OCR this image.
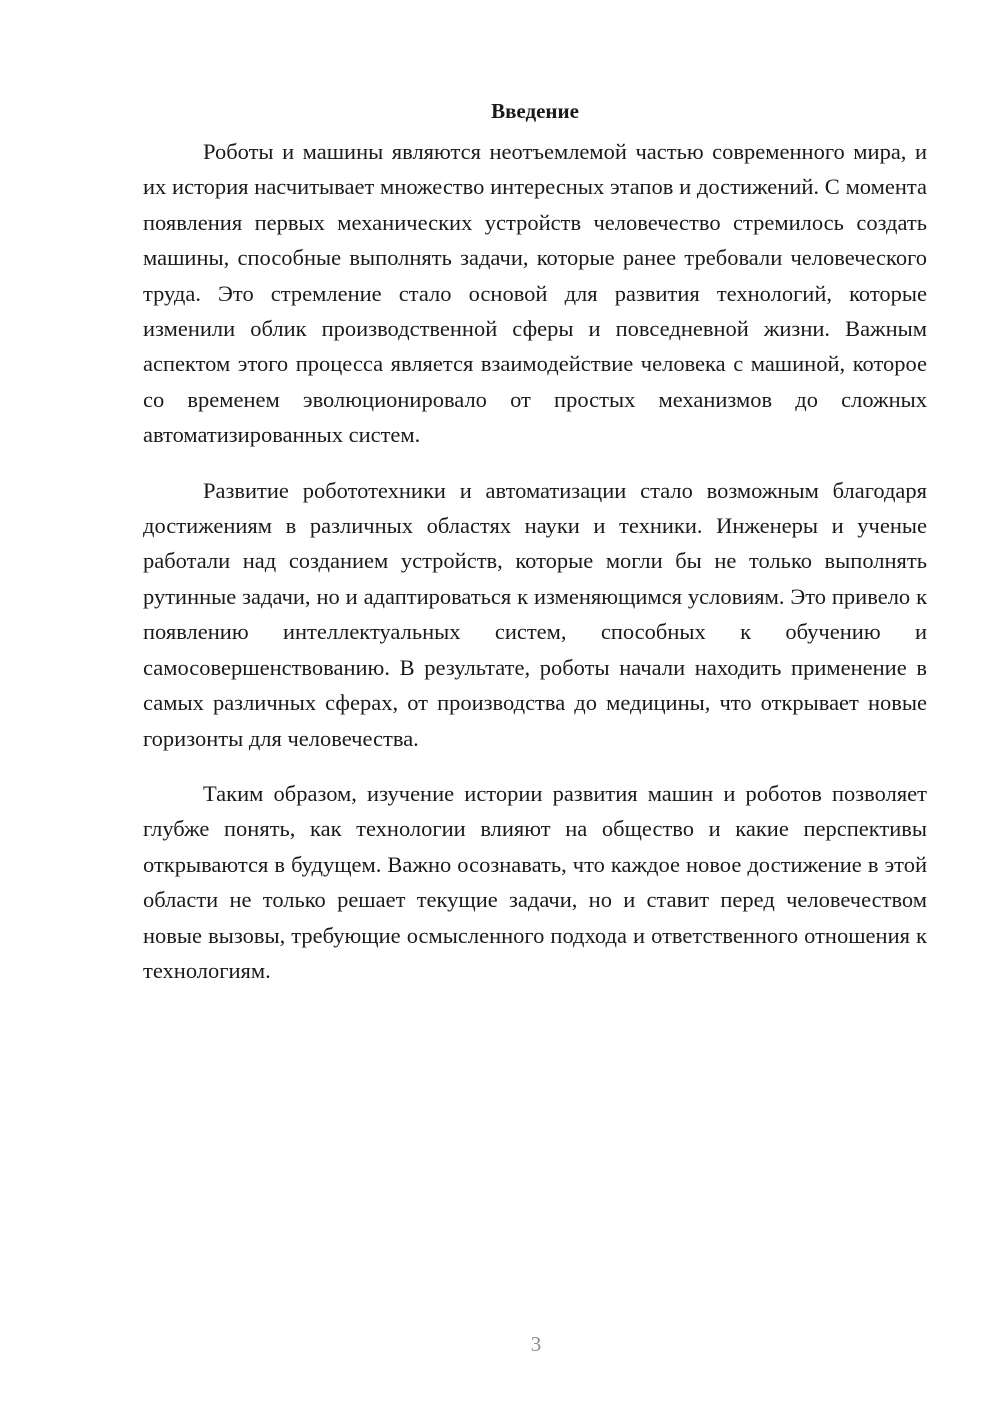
Введение

Роботы и машины являются неотъемлемой частью современного мира, и их история насчитывает множество интересных этапов и достижений. С момента появления первых механических устройств человечество стремилось создать машины, способные выполнять задачи, которые ранее требовали человеческого труда. Это стремление стало основой для развития технологий, которые изменили облик производственной сферы и повседневной жизни. Важным аспектом этого процесса является взаимодействие человека с машиной, которое со временем эволюционировало от простых механизмов до сложных автоматизированных систем.

Развитие робототехники и автоматизации стало возможным благодаря достижениям в различных областях науки и техники. Инженеры и ученые работали над созданием устройств, которые могли бы не только выполнять рутинные задачи, но и адаптироваться к изменяющимся условиям. Это привело к появлению интеллектуальных систем, способных к обучению и самосовершенствованию. В результате, роботы начали находить применение в самых различных сферах, от производства до медицины, что открывает новые горизонты для человечества.

Таким образом, изучение истории развития машин и роботов позволяет глубже понять, как технологии влияют на общество и какие перспективы открываются в будущем. Важно осознавать, что каждое новое достижение в этой области не только решает текущие задачи, но и ставит перед человечеством новые вызовы, требующие осмысленного подхода и ответственного отношения к технологиям.

3
